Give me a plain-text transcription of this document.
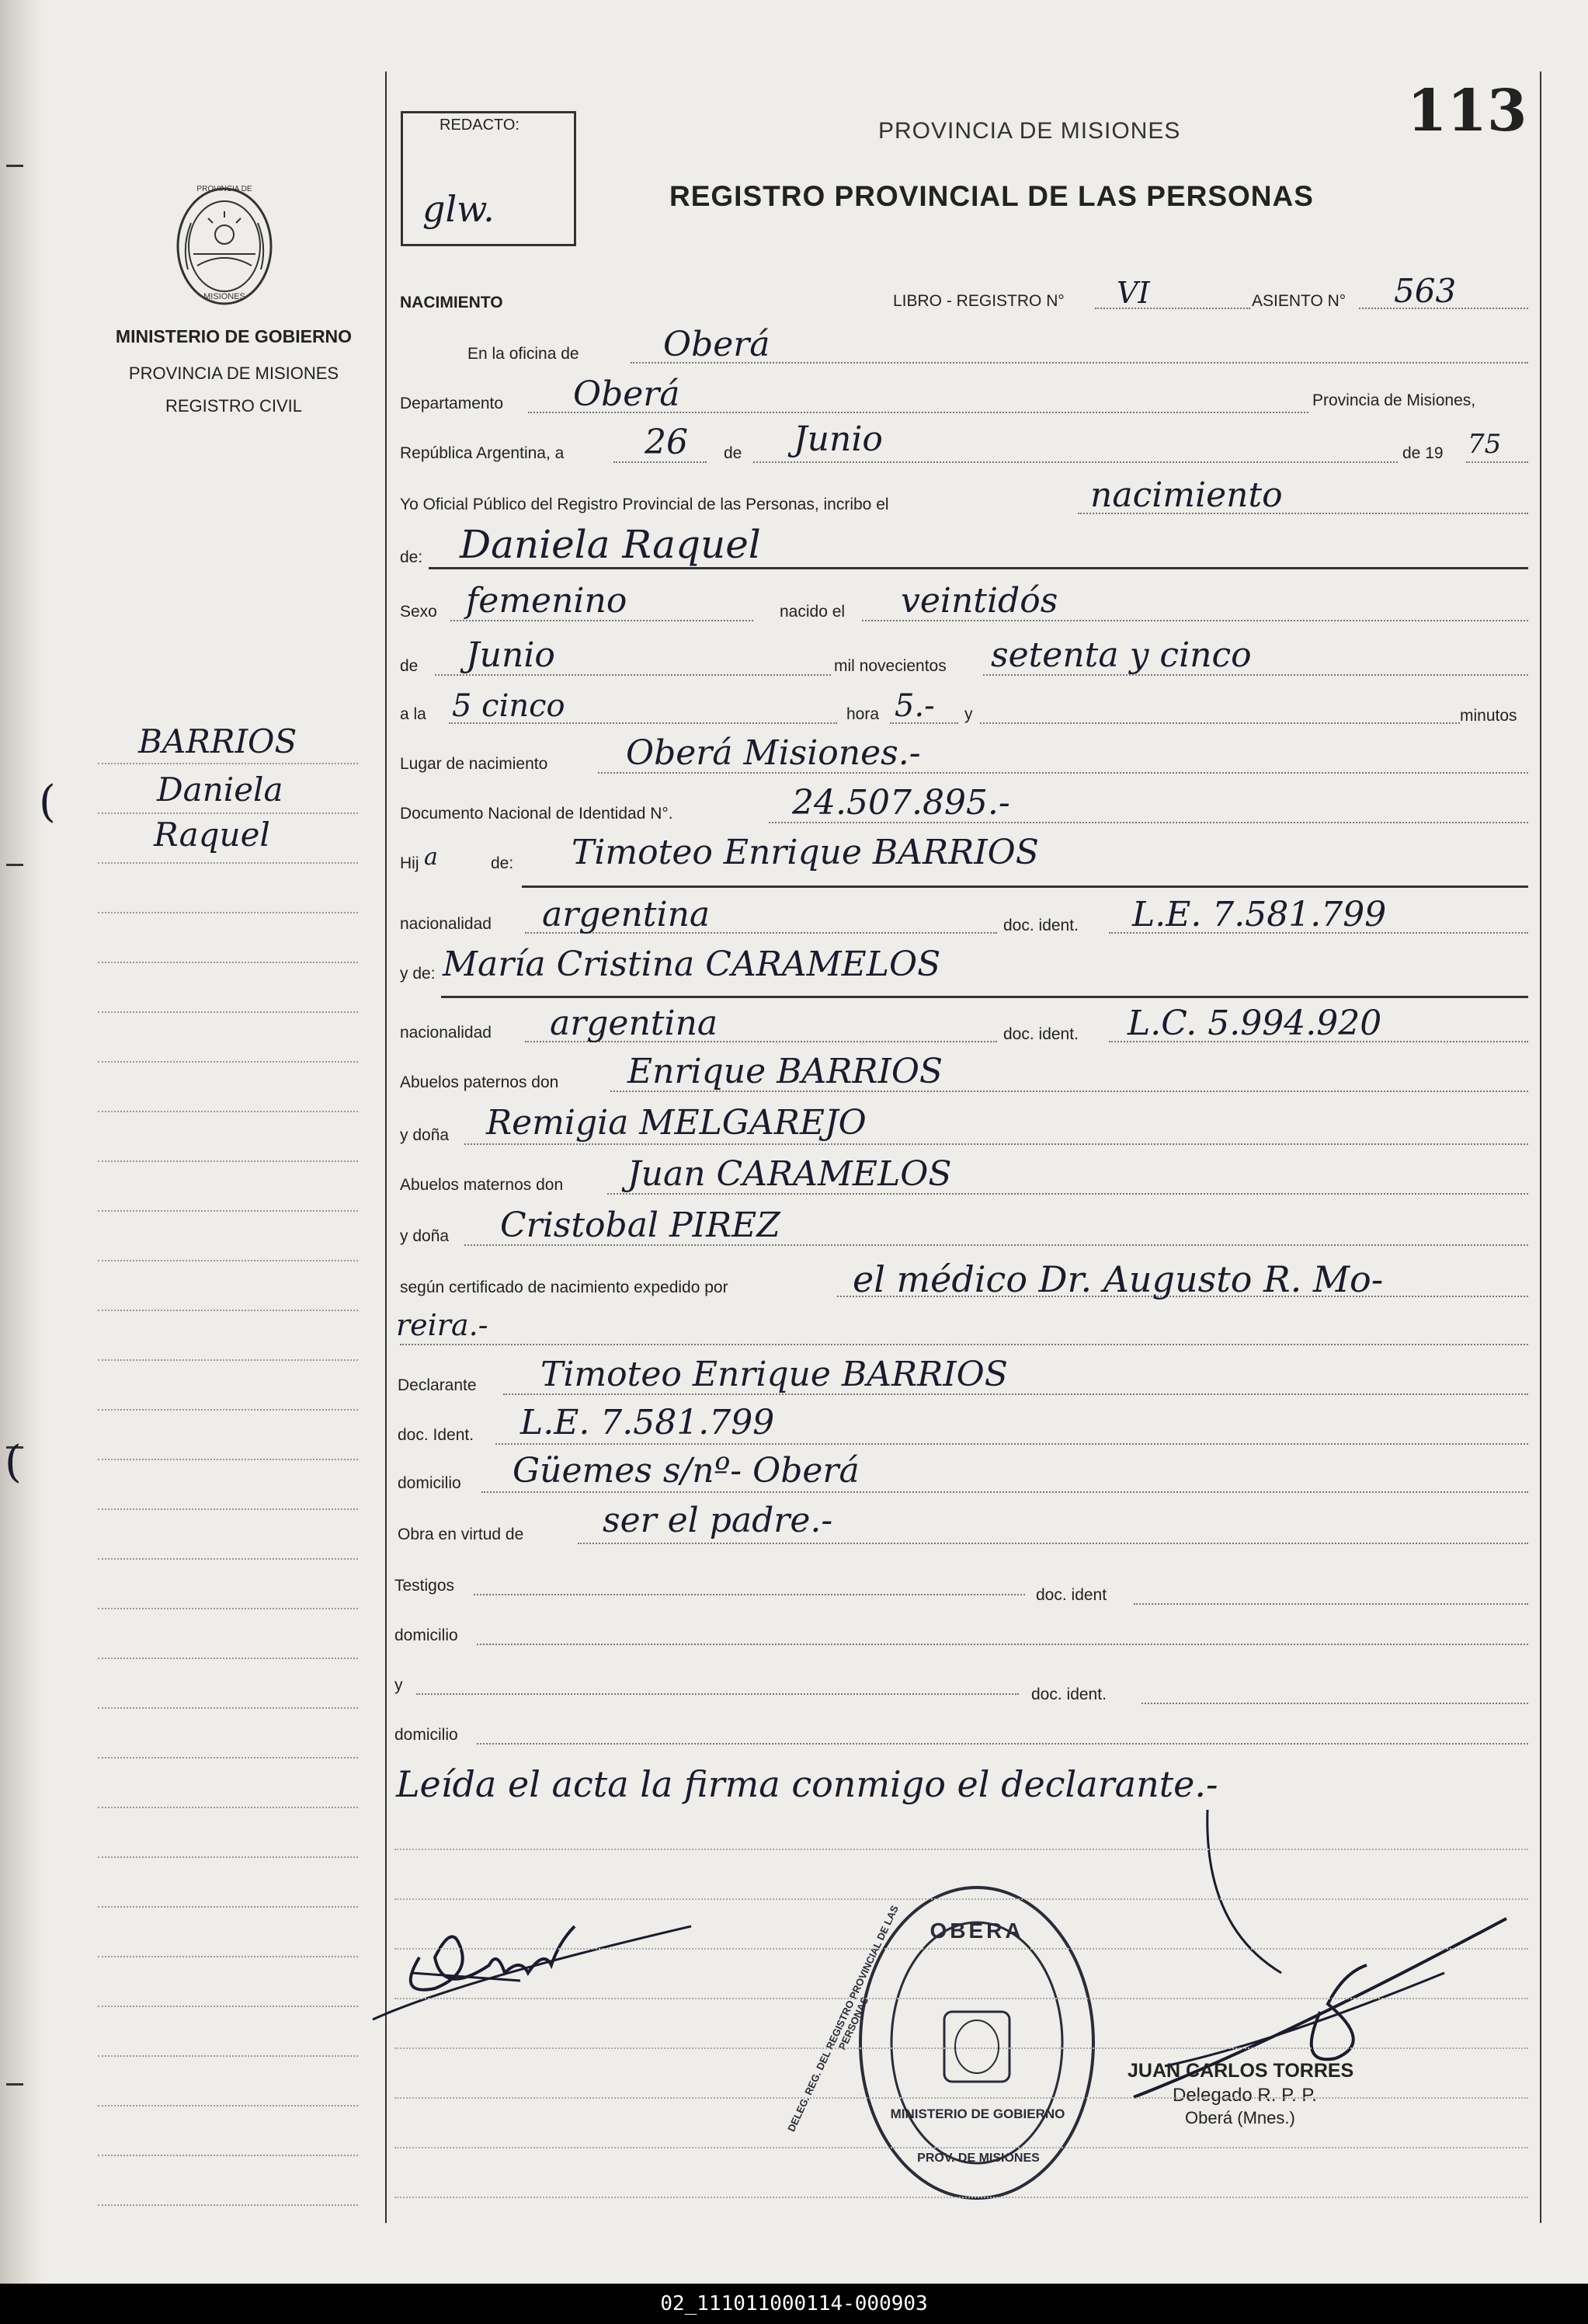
PROVINCIA DE
MISIONES
MINISTERIO DE GOBIERNO
PROVINCIA DE MISIONES
REGISTRO CIVIL
BARRIOS
Daniela
Raquel
(
(
REDACTO:
glw.
PROVINCIA DE MISIONES
REGISTRO PROVINCIAL DE LAS PERSONAS
113
NACIMIENTO	LIBRO - REGISTRO N° VI	ASIENTO N° 563
En la oficina de Oberá
Departamento Oberá	Provincia de Misiones,
República Argentina, a 26 de Junio	de 19 75
Yo Oficial Público del Registro Provincial de las Personas, incribo el	nacimiento
de: Daniela Raquel
Sexo femenino	nacido el veintidós
de Junio	mil novecientos setenta y cinco
a la 5 cinco	hora 5.- y	minutos
Lugar de nacimiento Oberá Misiones.-
Documento Nacional de Identidad N°.	24.507.895.-
Hij a	de: Timoteo Enrique BARRIOS
nacionalidad argentina	doc. ident. L.E. 7.581.799
y de: María Cristina CARAMELOS
nacionalidad argentina	doc. ident. L.C. 5.994.920
Abuelos paternos don Enrique BARRIOS
y doña Remigia MELGAREJO
Abuelos maternos don Juan CARAMELOS
y doña Cristobal PIREZ
según certificado de nacimiento expedido por	el médico Dr. Augusto R. Mo-
reira.-
Declarante Timoteo Enrique BARRIOS
doc. Ident. L.E. 7.581.799
domicilio Güemes s/nº- Oberá
Obra en virtud de ser el padre.-
Testigos
doc. ident
domicilio
y
doc. ident.
domicilio
Leída el acta la firma conmigo el declarante.-
DELEG. REG. DEL REGISTRO PROVINCIAL DE LAS PERSONAS
OBERA
MINISTERIO DE GOBIERNO
PROV. DE MISIONES
JUAN CARLOS TORRES
Delegado R. P. P.
Oberá (Mnes.)
02_111011000114-000903
